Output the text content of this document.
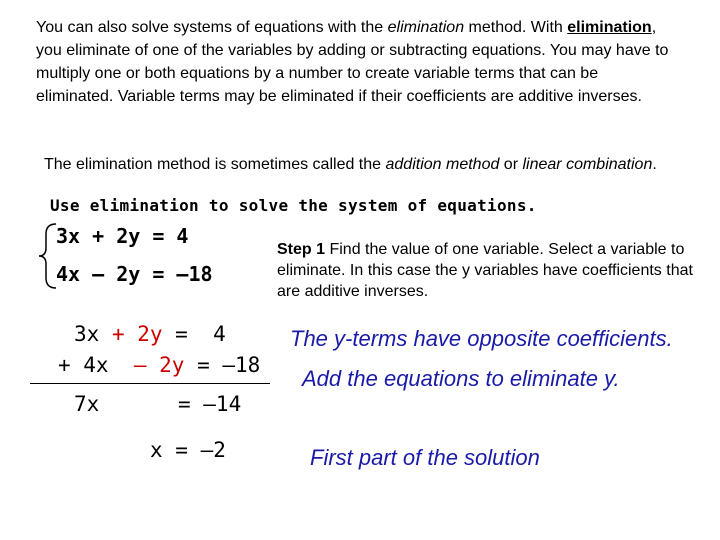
You can also solve systems of equations with the elimination method. With elimination, you eliminate of one of the variables by adding or subtracting equations. You may have to multiply one or both equations by a number to create variable terms that can be eliminated. Variable terms may be eliminated if their coefficients are additive inverses.
The elimination method is sometimes called the addition method or linear combination.
Use elimination to solve the system of equations.
3x + 2y = 4
4x – 2y = –18
Step 1 Find the value of one variable. Select a variable to eliminate. In this case the y variables have coefficients that are additive inverses.
3x + 2y =  4
+ 4x  – 2y = –18
7x	= –14
x = –2
The y-terms have opposite coefficients.
Add the equations to eliminate y.
First part of the solution
